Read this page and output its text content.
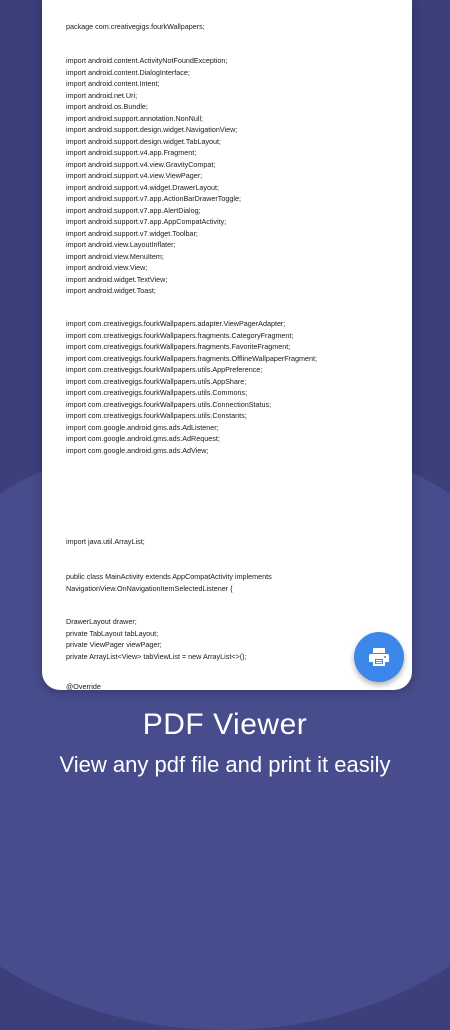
package com.creativegigs.fourkWallpapers;

import android.content.ActivityNotFoundException;

import android.content.DialogInterface;

import android.content.Intent;

import android.net.Uri;

import android.os.Bundle;

import android.support.annotation.NonNull;

import android.support.design.widget.NavigationView;

import android.support.design.widget.TabLayout;

import android.support.v4.app.Fragment;

import android.support.v4.view.GravityCompat;

import android.support.v4.view.ViewPager;

import android.support.v4.widget.DrawerLayout;

import android.support.v7.app.ActionBarDrawerToggle;

import android.support.v7.app.AlertDialog;

import android.support.v7.app.AppCompatActivity;

import android.support.v7.widget.Toolbar;

import android.view.LayoutInflater;

import android.view.MenuItem;

import android.view.View;

import android.widget.TextView;

import android.widget.Toast;

import com.creativegigs.fourkWallpapers.adapter.ViewPagerAdapter;

import com.creativegigs.fourkWallpapers.fragments.CategoryFragment;

import com.creativegigs.fourkWallpapers.fragments.FavoriteFragment;

import com.creativegigs.fourkWallpapers.fragments.OfflineWallpaperFragment;

import com.creativegigs.fourkWallpapers.utils.AppPreference;

import com.creativegigs.fourkWallpapers.utils.AppShare;

import com.creativegigs.fourkWallpapers.utils.Commons;

import com.creativegigs.fourkWallpapers.utils.ConnectionStatus;

import com.creativegigs.fourkWallpapers.utils.Constants;

import com.google.android.gms.ads.AdListener;

import com.google.android.gms.ads.AdRequest;

import com.google.android.gms.ads.AdView;

import java.util.ArrayList;

public class MainActivity extends AppCompatActivity implements

NavigationView.OnNavigationItemSelectedListener {

DrawerLayout drawer;

private TabLayout tabLayout;

private ViewPager viewPager;

private ArrayList<View> tabViewList = new ArrayList<>();

@Override

PDF Viewer
View any pdf file and print it easily
